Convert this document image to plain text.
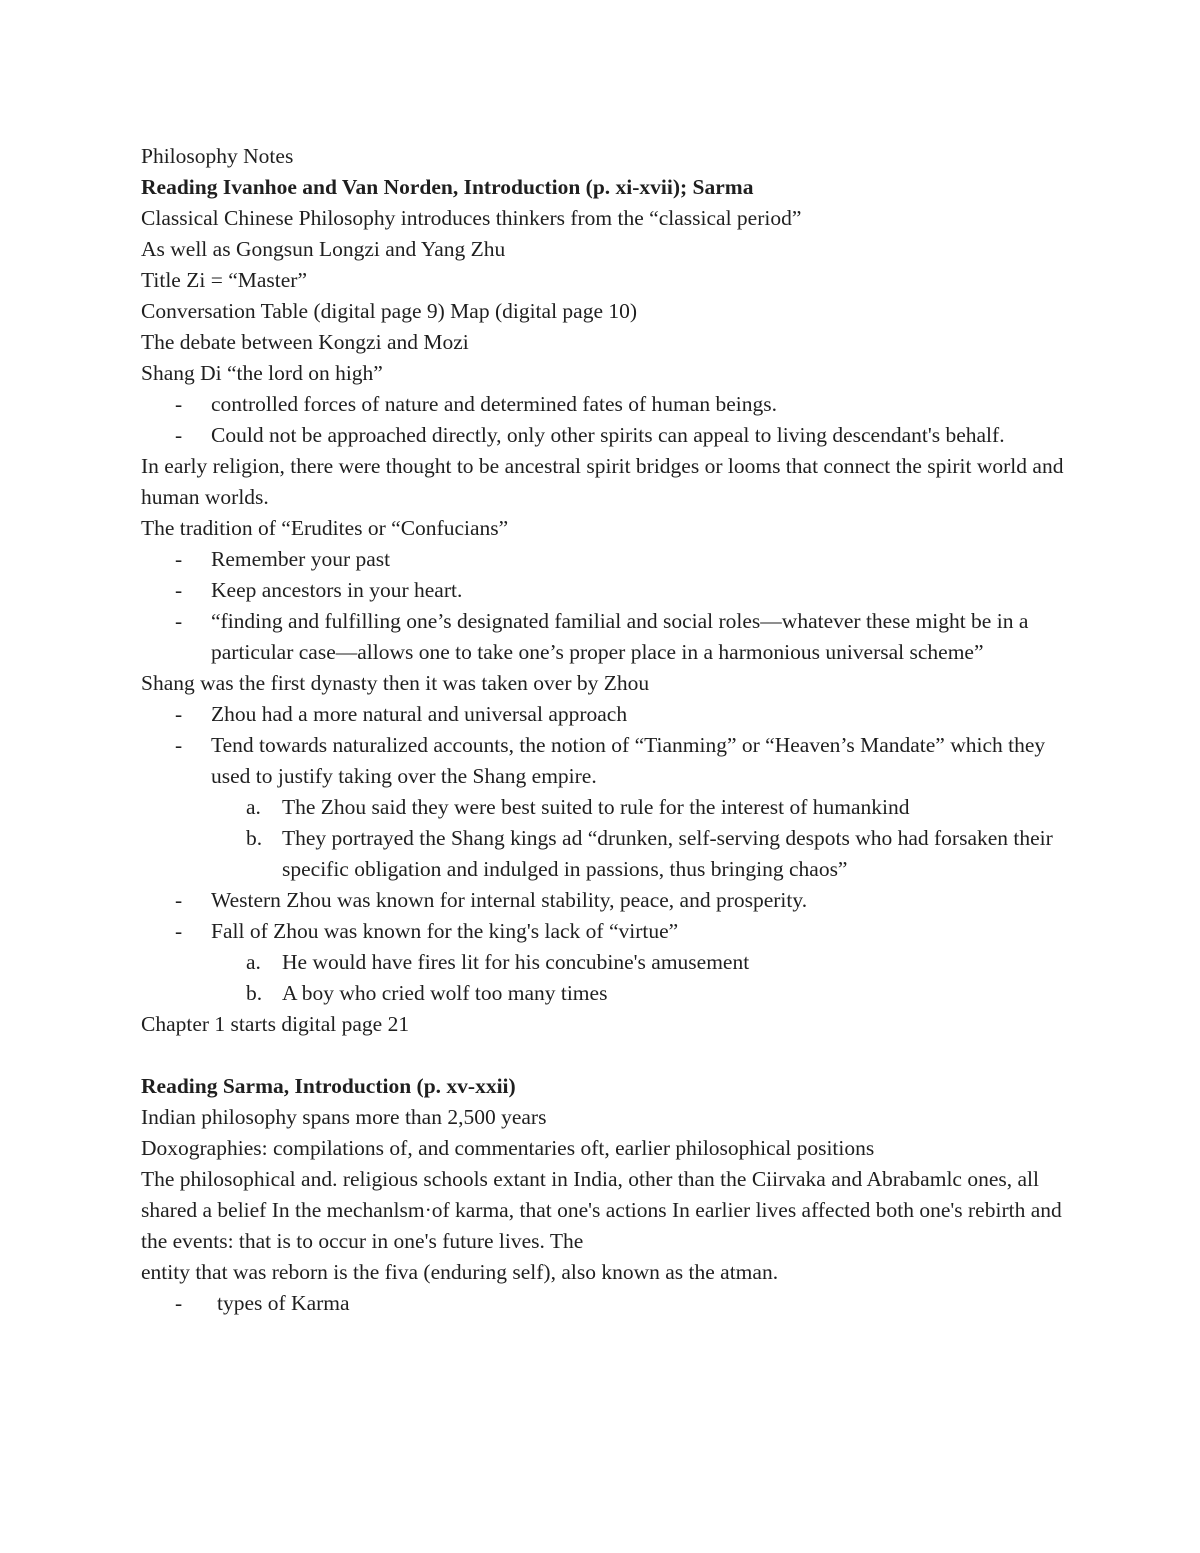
Philosophy Notes

Reading Ivanhoe and Van Norden, Introduction (p. xi-xvii); Sarma

Classical Chinese Philosophy introduces thinkers from the “classical period”

As well as Gongsun Longzi and Yang Zhu

Title Zi = “Master”

Conversation Table (digital page 9) Map (digital page 10)

The debate between Kongzi and Mozi

Shang Di “the lord on high”

- controlled forces of nature and determined fates of human beings.
- Could not be approached directly, only other spirits can appeal to living descendant's behalf.

In early religion, there were thought to be ancestral spirit bridges or looms that connect the spirit world and human worlds.

The tradition of “Erudites or “Confucians”

- Remember your past
- Keep ancestors in your heart.
- “finding and fulfilling one’s designated familial and social roles—whatever these might be in a particular case—allows one to take one’s proper place in a harmonious universal scheme”

Shang was the first dynasty then it was taken over by Zhou

- Zhou had a more natural and universal approach
- Tend towards naturalized accounts, the notion of “Tianming” or “Heaven’s Mandate” which they used to justify taking over the Shang empire.
a. The Zhou said they were best suited to rule for the interest of humankind
b. They portrayed the Shang kings ad “drunken, self-serving despots who had forsaken their specific obligation and indulged in passions, thus bringing chaos”
- Western Zhou was known for internal stability, peace, and prosperity.
- Fall of Zhou was known for the king's lack of “virtue”
a. He would have fires lit for his concubine's amusement
b. A boy who cried wolf too many times

Chapter 1 starts digital page 21

Reading Sarma, Introduction (p. xv-xxii)

Indian philosophy spans more than 2,500 years

Doxographies: compilations of, and commentaries oft, earlier philosophical positions

The philosophical and. religious schools extant in India, other than the Ciirvaka and Abrabamlc ones, all shared a belief In the mechanlsm·of karma, that one's actions In earlier lives affected both one's rebirth and the events: that is to occur in one's future lives. The

entity that was reborn is the fiva (enduring self), also known as the atman.

- types of Karma
